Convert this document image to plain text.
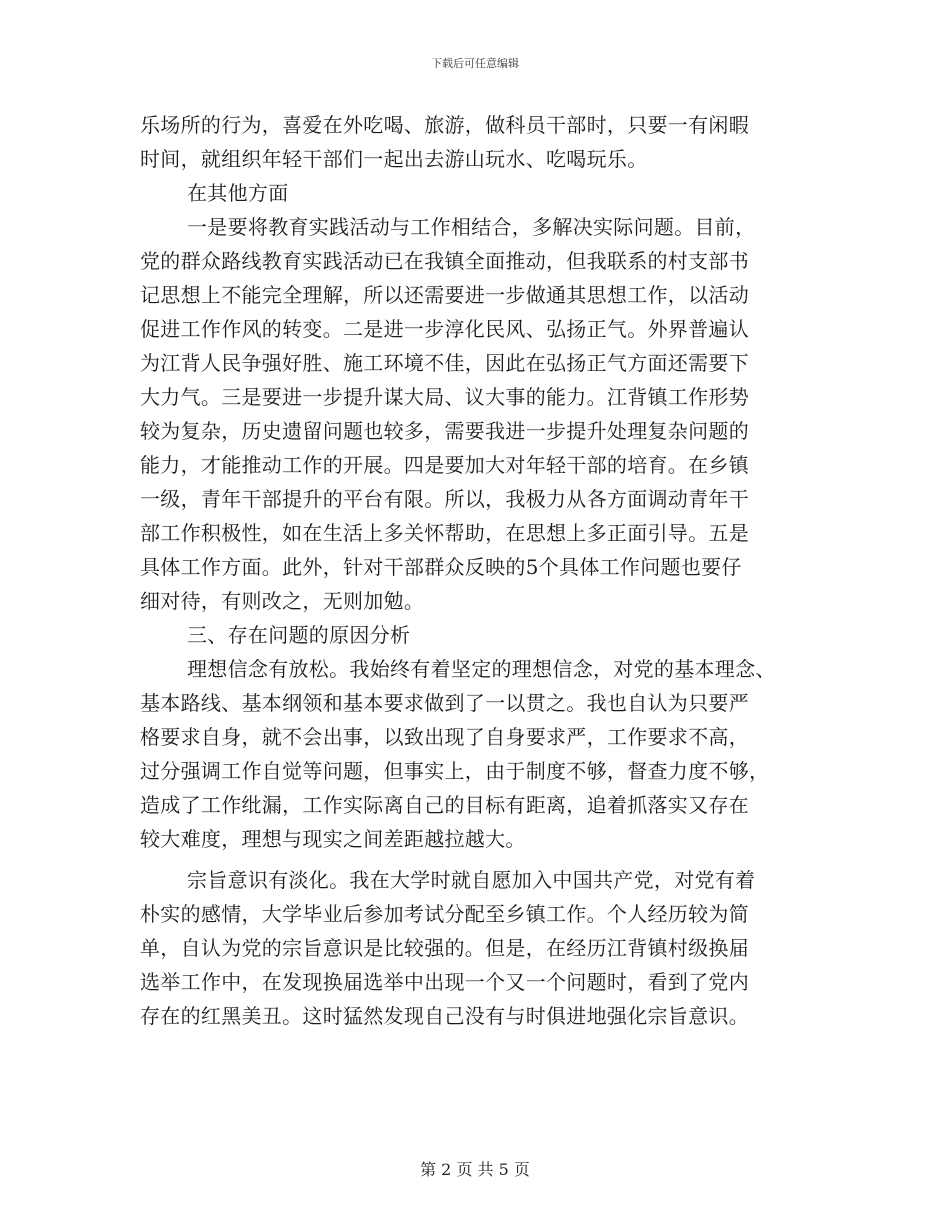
下载后可任意编辑
乐场所的行为，喜爱在外吃喝、旅游，做科员干部时，只要一有闲暇
时间，就组织年轻干部们一起出去游山玩水、吃喝玩乐。
在其他方面
一是要将教育实践活动与工作相结合，多解决实际问题。目前，
党的群众路线教育实践活动已在我镇全面推动，但我联系的村支部书
记思想上不能完全理解，所以还需要进一步做通其思想工作，以活动
促进工作作风的转变。二是进一步淳化民风、弘扬正气。外界普遍认
为江背人民争强好胜、施工环境不佳，因此在弘扬正气方面还需要下
大力气。三是要进一步提升谋大局、议大事的能力。江背镇工作形势
较为复杂，历史遗留问题也较多，需要我进一步提升处理复杂问题的
能力，才能推动工作的开展。四是要加大对年轻干部的培育。在乡镇
一级，青年干部提升的平台有限。所以，我极力从各方面调动青年干
部工作积极性，如在生活上多关怀帮助，在思想上多正面引导。五是
具体工作方面。此外，针对干部群众反映的5个具体工作问题也要仔
细对待，有则改之，无则加勉。
三、存在问题的原因分析
理想信念有放松。我始终有着坚定的理想信念，对党的基本理念、
基本路线、基本纲领和基本要求做到了一以贯之。我也自认为只要严
格要求自身，就不会出事，以致出现了自身要求严，工作要求不高，
过分强调工作自觉等问题，但事实上，由于制度不够，督查力度不够，
造成了工作纰漏，工作实际离自己的目标有距离，追着抓落实又存在
较大难度，理想与现实之间差距越拉越大。
宗旨意识有淡化。我在大学时就自愿加入中国共产党，对党有着
朴实的感情，大学毕业后参加考试分配至乡镇工作。个人经历较为简
单，自认为党的宗旨意识是比较强的。但是，在经历江背镇村级换届
选举工作中，在发现换届选举中出现一个又一个问题时，看到了党内
存在的红黑美丑。这时猛然发现自己没有与时俱进地强化宗旨意识。
第 2 页 共 5 页
